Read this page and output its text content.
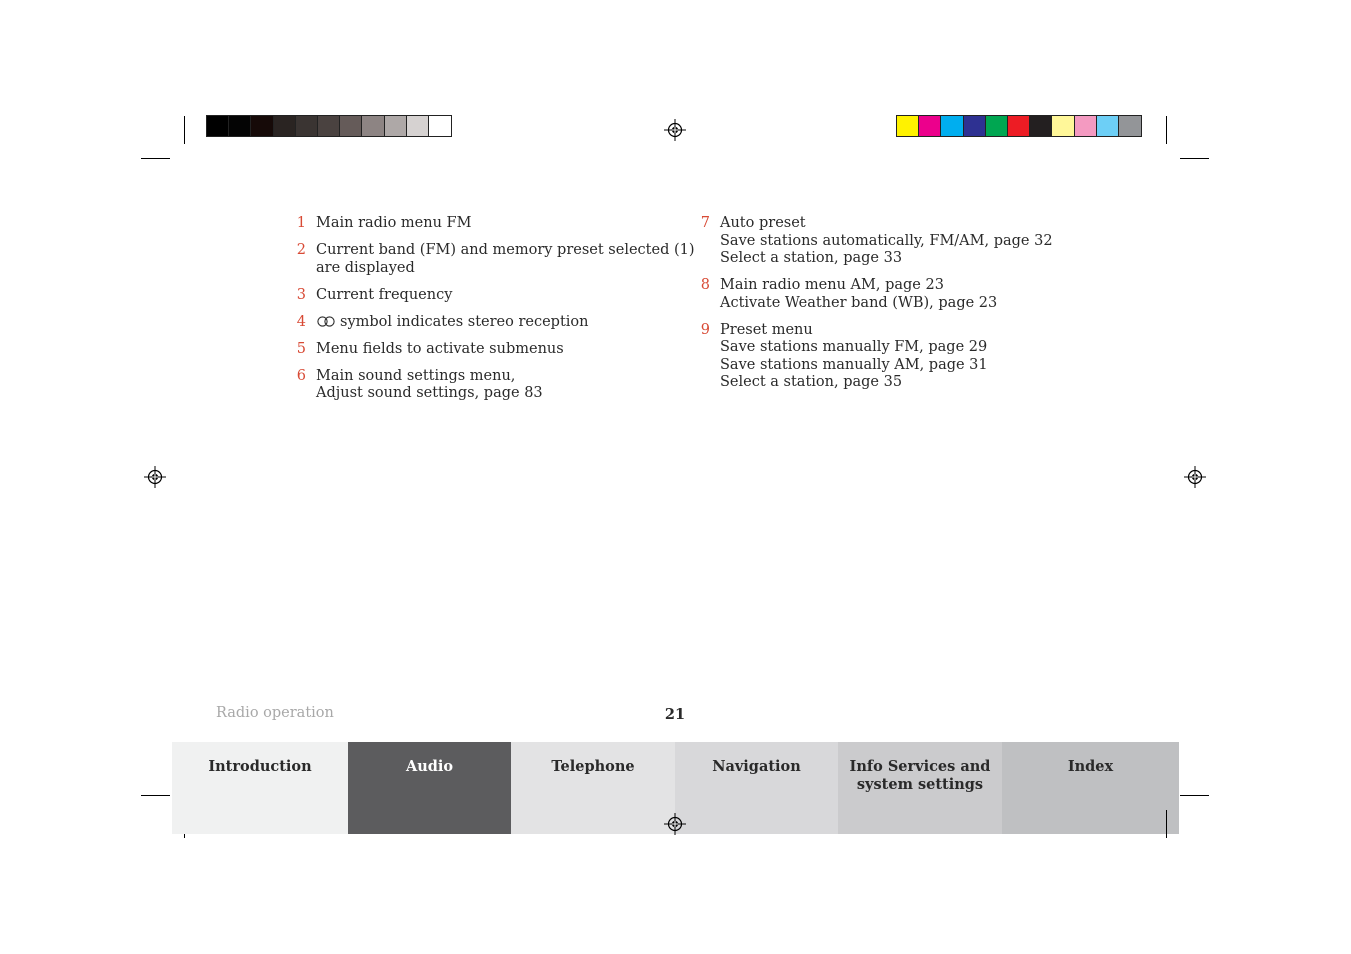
1 Main radio menu FM
2 Current band (FM) and memory preset selected (1)
are displayed
3 Current frequency
4	symbol indicates stereo reception
5 Menu fields to activate submenus
6 Main sound settings menu,
Adjust sound settings, page 83
7 Auto preset
Save stations automatically, FM/AM, page 32
Select a station, page 33
8 Main radio menu AM, page 23
Activate Weather band (WB), page 23
9 Preset menu
Save stations manually FM, page 29
Save stations manually AM, page 31
Select a station, page 35
Radio operation	21
Introduction	Audio	Telephone	Navigation	Info Services and
system settings
Index
